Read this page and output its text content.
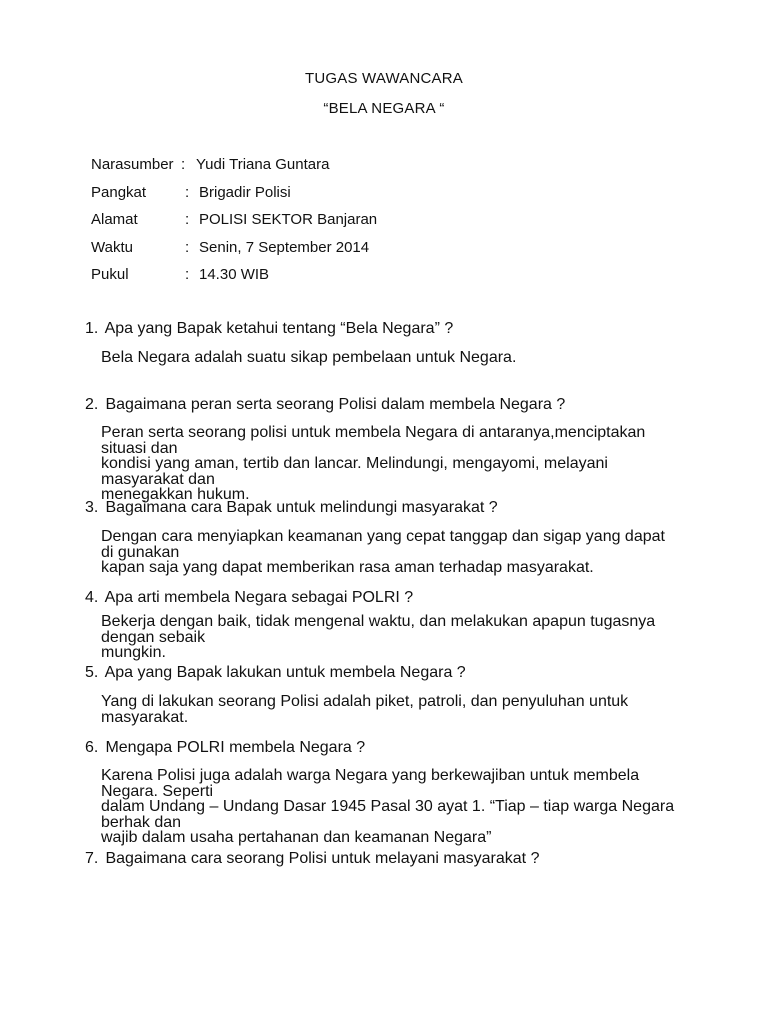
TUGAS WAWANCARA
“BELA NEGARA “
Narasumber : Yudi Triana Guntara
Pangkat	: Brigadir Polisi
Alamat	: POLISI SEKTOR Banjaran
Waktu	: Senin, 7 September 2014
Pukul	: 14.30 WIB
1. Apa yang Bapak ketahui tentang “Bela Negara” ?
Bela Negara adalah suatu sikap pembelaan untuk Negara.
2. Bagaimana peran serta seorang Polisi dalam membela Negara ?
Peran serta seorang polisi untuk membela Negara di antaranya,menciptakan situasi dan
kondisi yang aman, tertib dan lancar. Melindungi, mengayomi, melayani masyarakat dan
menegakkan hukum.
3. Bagaimana cara Bapak untuk melindungi masyarakat ?
Dengan cara menyiapkan keamanan yang cepat tanggap dan sigap yang dapat di gunakan
kapan saja yang dapat memberikan rasa aman terhadap masyarakat.
4. Apa arti membela Negara sebagai POLRI ?
Bekerja dengan baik, tidak mengenal waktu, dan melakukan apapun tugasnya dengan sebaik
mungkin.
5. Apa yang Bapak lakukan untuk membela Negara ?
Yang di lakukan seorang Polisi adalah piket, patroli, dan penyuluhan untuk masyarakat.
6. Mengapa POLRI membela Negara ?
Karena Polisi juga adalah warga Negara yang berkewajiban untuk membela Negara. Seperti
dalam Undang – Undang Dasar 1945 Pasal 30 ayat 1. “Tiap – tiap warga Negara berhak dan
wajib dalam usaha pertahanan dan keamanan Negara”
7. Bagaimana cara seorang Polisi untuk melayani masyarakat ?
